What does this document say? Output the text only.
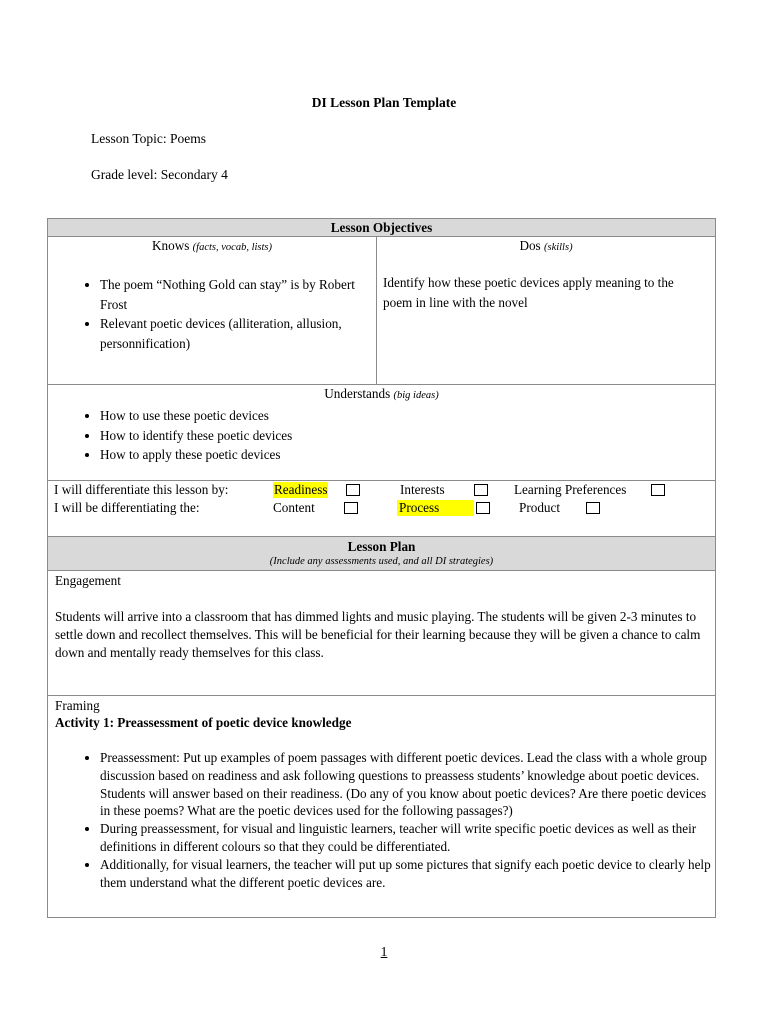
DI Lesson Plan Template
Lesson Topic: Poems
Grade level: Secondary 4
Lesson Objectives

Knows (facts, vocab, lists)
• The poem “Nothing Gold can stay” is by Robert Frost
• Relevant poetic devices (alliteration, allusion, personnification)

Dos (skills)
Identify how these poetic devices apply meaning to the poem in line with the novel

Understands (big ideas)
• How to use these poetic devices
• How to identify these poetic devices
• How to apply these poetic devices

I will differentiate this lesson by:	Readiness	Interests	Learning Preferences
I will be differentiating the:	Content	Process	Product

Lesson Plan
(Include any assessments used, and all DI strategies)

Engagement
Students will arrive into a classroom that has dimmed lights and music playing. The students will be given 2-3 minutes to settle down and recollect themselves. This will be beneficial for their learning because they will be given a chance to calm down and mentally ready themselves for this class.

Framing
Activity 1: Preassessment of poetic device knowledge
• Preassessment: Put up examples of poem passages with different poetic devices. Lead the class with a whole group discussion based on readiness and ask following questions to preassess students’ knowledge about poetic devices. Students will answer based on their readiness. (Do any of you know about poetic devices? Are there poetic devices in these poems? What are the poetic devices used for the following passages?)
• During preassessment, for visual and linguistic learners, teacher will write specific poetic devices as well as their definitions in different colours so that they could be differentiated.
• Additionally, for visual learners, the teacher will put up some pictures that signify each poetic device to clearly help them understand what the different poetic devices are.
1
